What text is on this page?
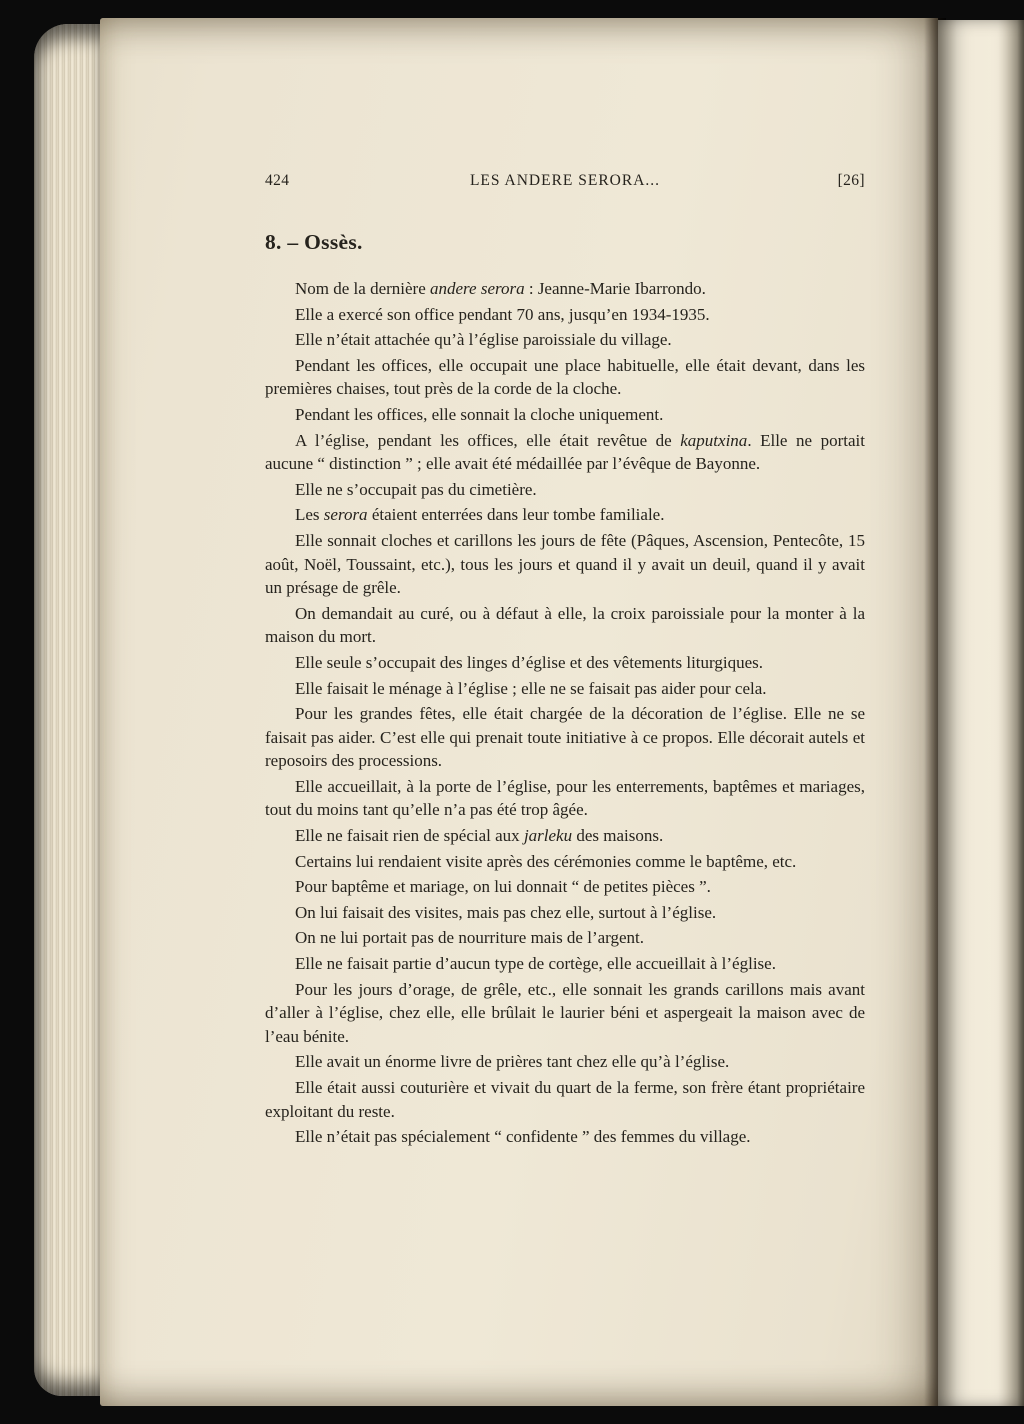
424	LES ANDERE SERORA...	[26]
8. – Ossès.

Nom de la dernière andere serora : Jeanne-Marie Ibarrondo.

Elle a exercé son office pendant 70 ans, jusqu’en 1934-1935.

Elle n’était attachée qu’à l’église paroissiale du village.

Pendant les offices, elle occupait une place habituelle, elle était devant, dans les premières chaises, tout près de la corde de la cloche.

Pendant les offices, elle sonnait la cloche uniquement.

A l’église, pendant les offices, elle était revêtue de kaputxina. Elle ne portait aucune “ distinction ” ; elle avait été médaillée par l’évêque de Bayonne.

Elle ne s’occupait pas du cimetière.

Les serora étaient enterrées dans leur tombe familiale.

Elle sonnait cloches et carillons les jours de fête (Pâques, Ascension, Pentecôte, 15 août, Noël, Toussaint, etc.), tous les jours et quand il y avait un deuil, quand il y avait un présage de grêle.

On demandait au curé, ou à défaut à elle, la croix paroissiale pour la monter à la maison du mort.

Elle seule s’occupait des linges d’église et des vêtements liturgiques.

Elle faisait le ménage à l’église ; elle ne se faisait pas aider pour cela.

Pour les grandes fêtes, elle était chargée de la décoration de l’église. Elle ne se faisait pas aider. C’est elle qui prenait toute initiative à ce propos. Elle décorait autels et reposoirs des processions.

Elle accueillait, à la porte de l’église, pour les enterrements, baptêmes et mariages, tout du moins tant qu’elle n’a pas été trop âgée.

Elle ne faisait rien de spécial aux jarleku des maisons.

Certains lui rendaient visite après des cérémonies comme le baptême, etc.

Pour baptême et mariage, on lui donnait “ de petites pièces ”.

On lui faisait des visites, mais pas chez elle, surtout à l’église.

On ne lui portait pas de nourriture mais de l’argent.

Elle ne faisait partie d’aucun type de cortège, elle accueillait à l’église.

Pour les jours d’orage, de grêle, etc., elle sonnait les grands carillons mais avant d’aller à l’église, chez elle, elle brûlait le laurier béni et aspergeait la maison avec de l’eau bénite.

Elle avait un énorme livre de prières tant chez elle qu’à l’église.

Elle était aussi couturière et vivait du quart de la ferme, son frère étant propriétaire exploitant du reste.

Elle n’était pas spécialement “ confidente ” des femmes du village.
